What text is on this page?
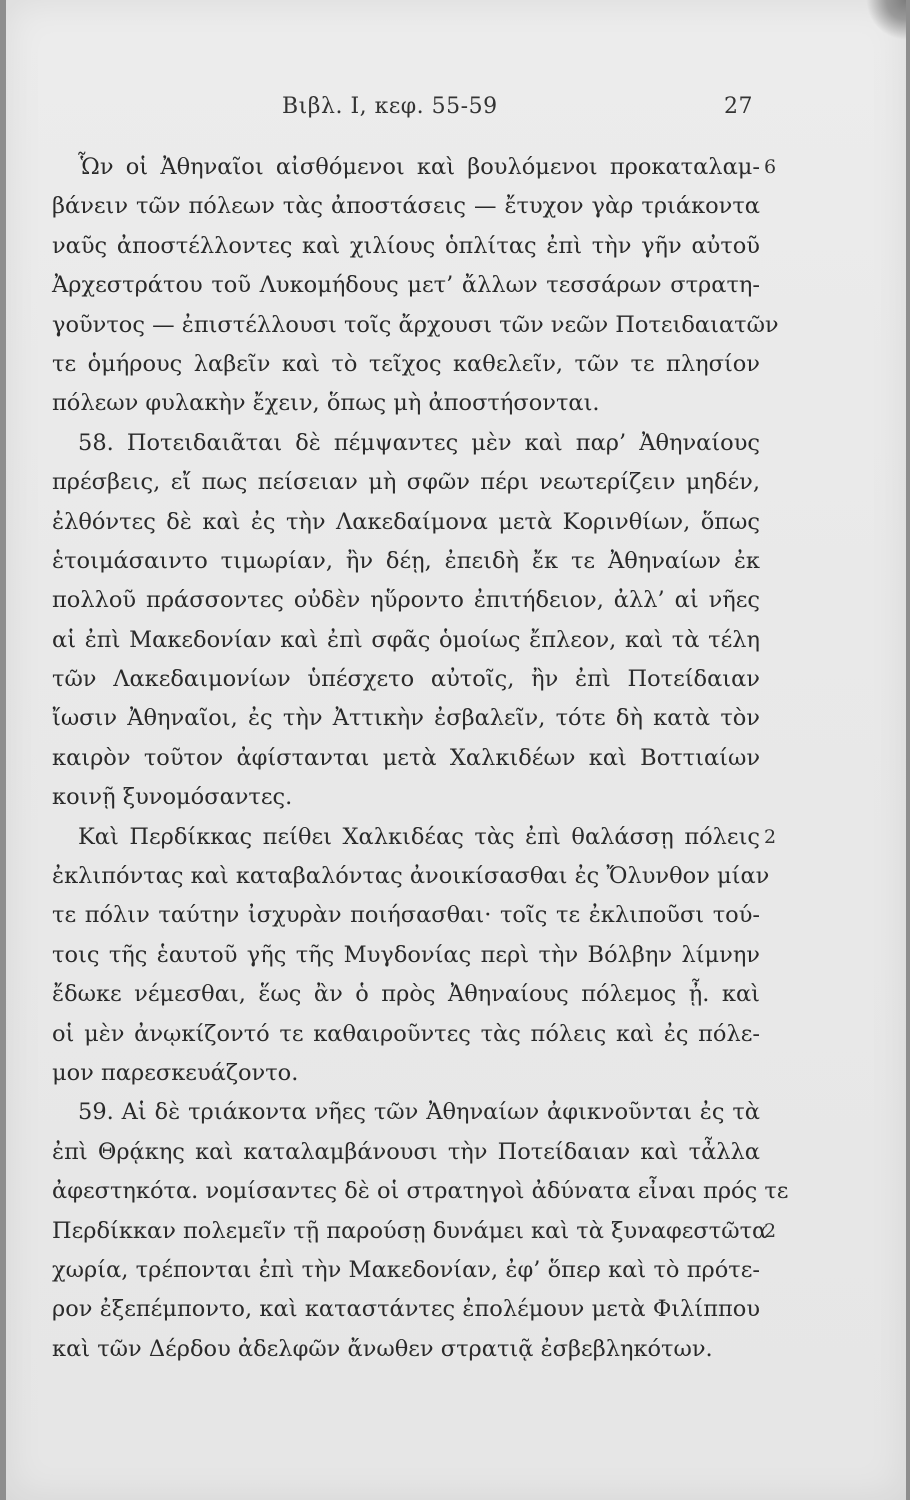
Βιβλ. I, κεφ. 55-59	27
Ὧν οἱ Ἀθηναῖοι αἰσθόμενοι καὶ βουλόμενοι προκαταλαμ-
βάνειν τῶν πόλεων τὰς ἀποστάσεις — ἔτυχον γὰρ τριάκοντα
ναῦς ἀποστέλλοντες καὶ χιλίους ὁπλίτας ἐπὶ τὴν γῆν αὐτοῦ
Ἀρχεστράτου τοῦ Λυκομήδους μετ’ ἄλλων τεσσάρων στρατη-
γοῦντος — ἐπιστέλλουσι τοῖς ἄρχουσι τῶν νεῶν Ποτειδαιατῶν
τε ὁμήρους λαβεῖν καὶ τὸ τεῖχος καθελεῖν, τῶν τε πλησίον
πόλεων φυλακὴν ἔχειν, ὅπως μὴ ἀποστήσονται.
58. Ποτειδαιᾶται δὲ πέμψαντες μὲν καὶ παρ’ Ἀθηναίους
πρέσβεις, εἴ πως πείσειαν μὴ σφῶν πέρι νεωτερίζειν μηδέν,
ἐλθόντες δὲ καὶ ἐς τὴν Λακεδαίμονα μετὰ Κορινθίων, ὅπως
ἑτοιμάσαιντο τιμωρίαν, ἢν δέῃ, ἐπειδὴ ἔκ τε Ἀθηναίων ἐκ
πολλοῦ πράσσοντες οὐδὲν ηὕροντο ἐπιτήδειον, ἀλλ’ αἱ νῆες
αἱ ἐπὶ Μακεδονίαν καὶ ἐπὶ σφᾶς ὁμοίως ἔπλεον, καὶ τὰ τέλη
τῶν Λακεδαιμονίων ὑπέσχετο αὐτοῖς, ἢν ἐπὶ Ποτείδαιαν
ἴωσιν Ἀθηναῖοι, ἐς τὴν Ἀττικὴν ἐσβαλεῖν, τότε δὴ κατὰ τὸν
καιρὸν τοῦτον ἀφίστανται μετὰ Χαλκιδέων καὶ Βοττιαίων
κοινῇ ξυνομόσαντες.
Καὶ Περδίκκας πείθει Χαλκιδέας τὰς ἐπὶ θαλάσσῃ πόλεις
ἐκλιπόντας καὶ καταβαλόντας ἀνοικίσασθαι ἐς Ὄλυνθον μίαν
τε πόλιν ταύτην ἰσχυρὰν ποιήσασθαι· τοῖς τε ἐκλιποῦσι τού-
τοις τῆς ἑαυτοῦ γῆς τῆς Μυγδονίας περὶ τὴν Βόλβην λίμνην
ἔδωκε νέμεσθαι, ἕως ἂν ὁ πρὸς Ἀθηναίους πόλεμος ᾖ. καὶ
οἱ μὲν ἀνῳκίζοντό τε καθαιροῦντες τὰς πόλεις καὶ ἐς πόλε-
μον παρεσκευάζοντο.
59. Αἱ δὲ τριάκοντα νῆες τῶν Ἀθηναίων ἀφικνοῦνται ἐς τὰ
ἐπὶ Θρᾴκης καὶ καταλαμβάνουσι τὴν Ποτείδαιαν καὶ τἆλλα
ἀφεστηκότα. νομίσαντες δὲ οἱ στρατηγοὶ ἀδύνατα εἶναι πρός τε
Περδίκκαν πολεμεῖν τῇ παρούσῃ δυνάμει καὶ τὰ ξυναφεστῶτα
χωρία, τρέπονται ἐπὶ τὴν Μακεδονίαν, ἐφ’ ὅπερ καὶ τὸ πρότε-
ρον ἐξεπέμποντο, καὶ καταστάντες ἐπολέμουν μετὰ Φιλίππου
καὶ τῶν Δέρδου ἀδελφῶν ἄνωθεν στρατιᾷ ἐσβεβληκότων.
6
2
2
